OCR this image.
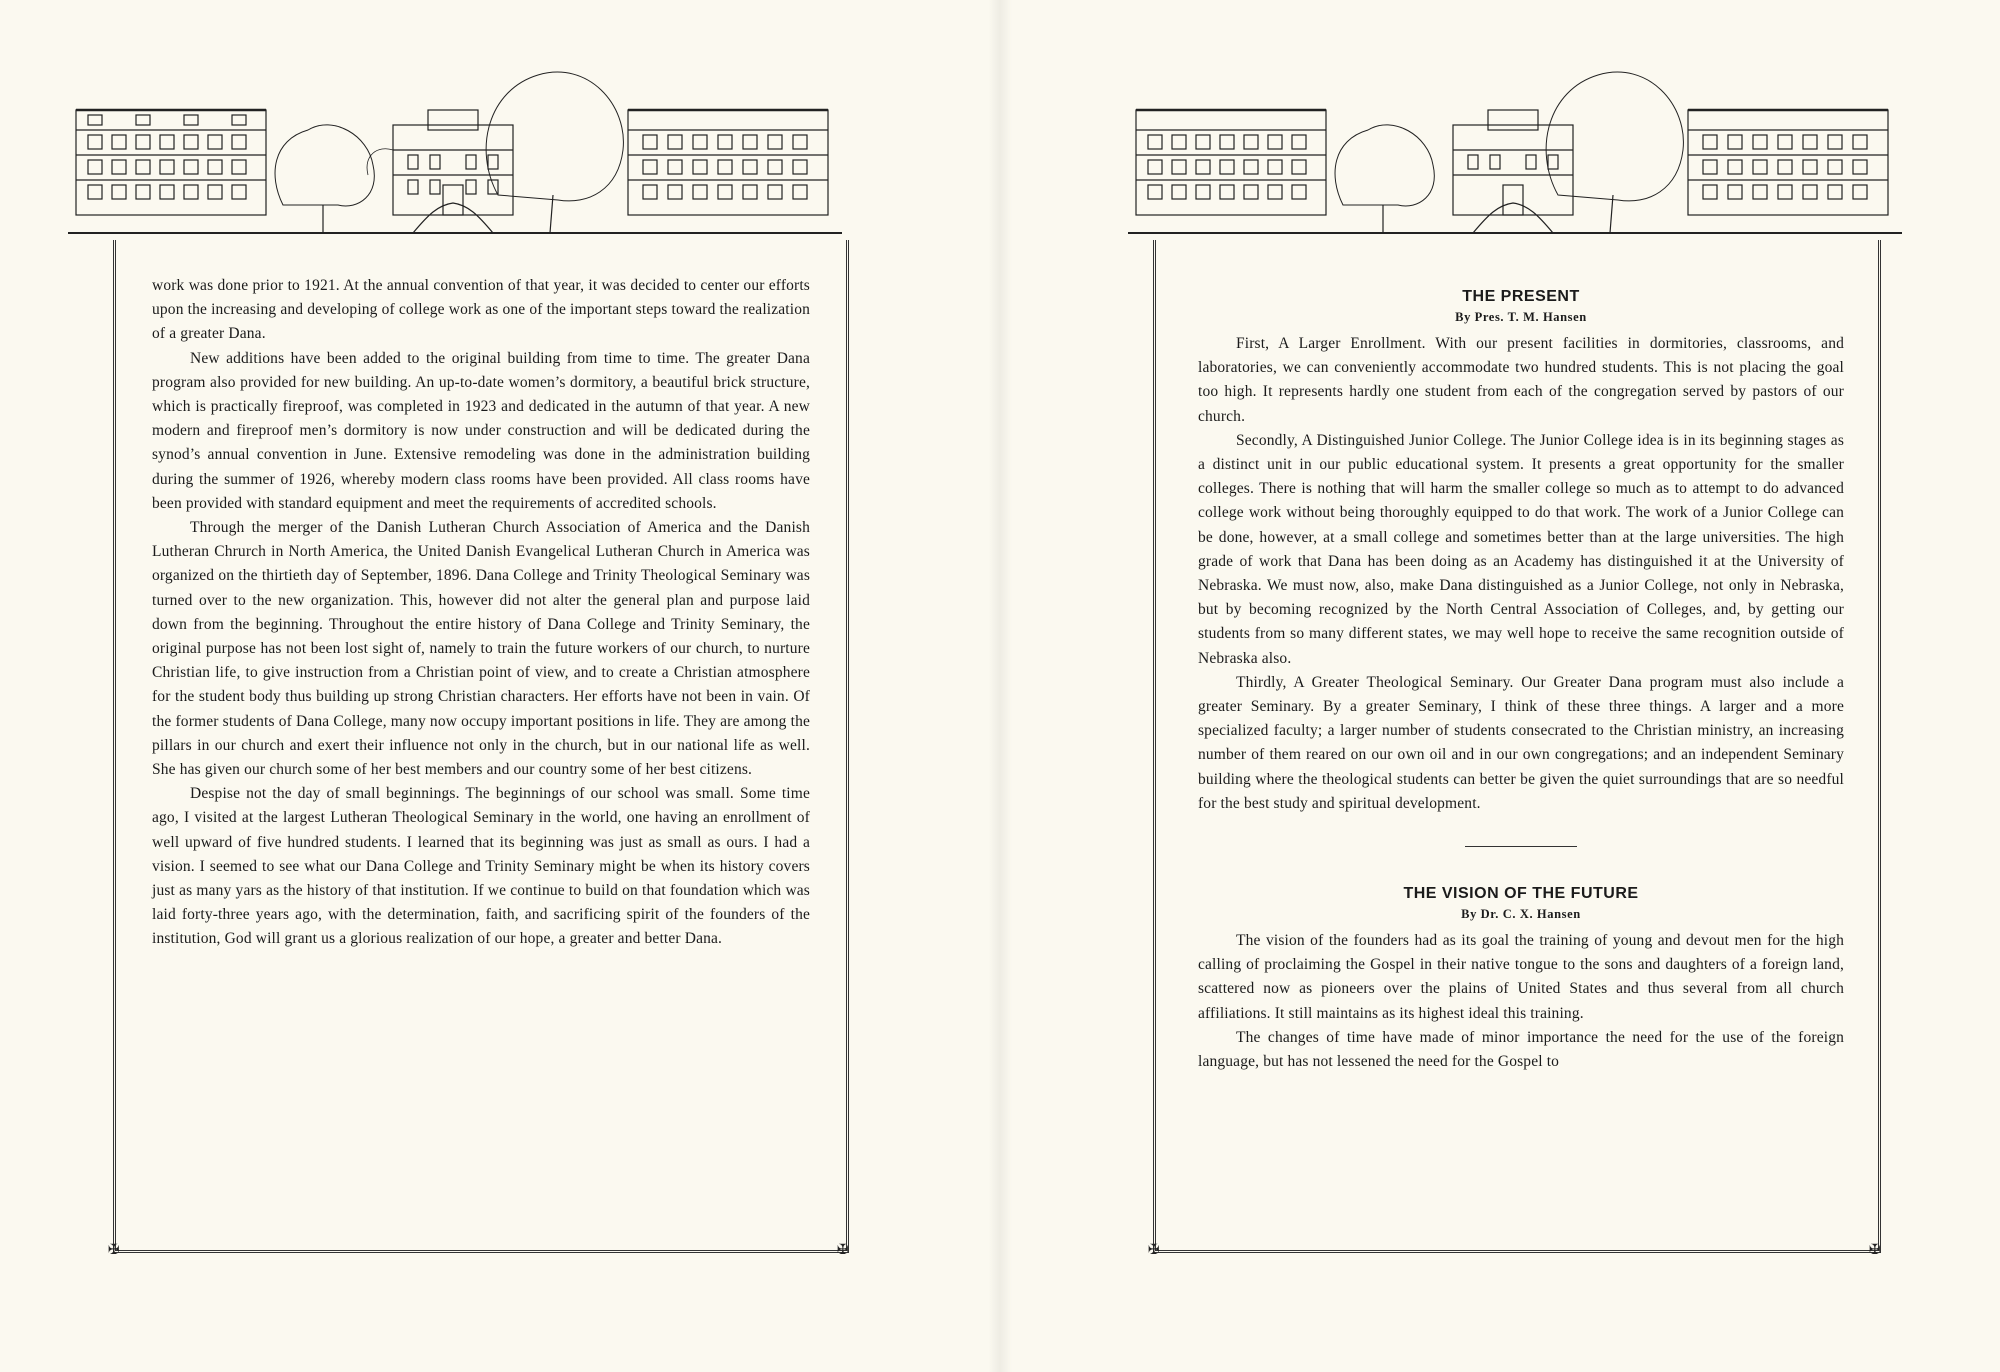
✠	✠

work was done prior to 1921. At the annual convention of that year, it was decided to center our efforts upon the increasing and developing of college work as one of the important steps toward the realization of a greater Dana.

New additions have been added to the original building from time to time. The greater Dana program also provided for new building. An up-to-date women’s dormitory, a beautiful brick structure, which is practically fireproof, was completed in 1923 and dedicated in the autumn of that year. A new modern and fireproof men’s dormitory is now under construction and will be dedicated during the synod’s annual convention in June. Extensive remodeling was done in the administration building during the summer of 1926, whereby modern class rooms have been provided. All class rooms have been provided with standard equipment and meet the requirements of accredited schools.

Through the merger of the Danish Lutheran Church Association of America and the Danish Lutheran Chrurch in North America, the United Danish Evangelical Lutheran Church in America was organized on the thirtieth day of September, 1896. Dana College and Trinity Theological Seminary was turned over to the new organization. This, however did not alter the general plan and purpose laid down from the beginning. Throughout the entire history of Dana College and Trinity Seminary, the original purpose has not been lost sight of, namely to train the future workers of our church, to nurture Christian life, to give instruction from a Christian point of view, and to create a Christian atmosphere for the student body thus building up strong Christian characters. Her efforts have not been in vain. Of the former students of Dana College, many now occupy important positions in life. They are among the pillars in our church and exert their influence not only in the church, but in our national life as well. She has given our church some of her best members and our country some of her best citizens.

Despise not the day of small beginnings. The beginnings of our school was small. Some time ago, I visited at the largest Lutheran Theological Seminary in the world, one having an enrollment of well upward of five hundred students. I learned that its beginning was just as small as ours. I had a vision. I seemed to see what our Dana College and Trinity Seminary might be when its history covers just as many yars as the history of that institution. If we continue to build on that foundation which was laid forty-three years ago, with the determination, faith, and sacrificing spirit of the founders of the institution, God will grant us a glorious realization of our hope, a greater and better Dana.

✠	✠
THE PRESENT
By Pres. T. M. Hansen

First, A Larger Enrollment. With our present facilities in dormitories, classrooms, and laboratories, we can conveniently accommodate two hundred students. This is not placing the goal too high. It represents hardly one student from each of the congregation served by pastors of our church.

Secondly, A Distinguished Junior College. The Junior College idea is in its beginning stages as a distinct unit in our public educational system. It presents a great opportunity for the smaller colleges. There is nothing that will harm the smaller college so much as to attempt to do advanced college work without being thoroughly equipped to do that work. The work of a Junior College can be done, however, at a small college and sometimes better than at the large universities. The high grade of work that Dana has been doing as an Academy has distinguished it at the University of Nebraska. We must now, also, make Dana distinguished as a Junior College, not only in Nebraska, but by becoming recognized by the North Central Association of Colleges, and, by getting our students from so many different states, we may well hope to receive the same recognition outside of Nebraska also.

Thirdly, A Greater Theological Seminary. Our Greater Dana program must also include a greater Seminary. By a greater Seminary, I think of these three things. A larger and a more specialized faculty; a larger number of students consecrated to the Christian ministry, an increasing number of them reared on our own oil and in our own congregations; and an independent Seminary building where the theological students can better be given the quiet surroundings that are so needful for the best study and spiritual development.

THE VISION OF THE FUTURE
By Dr. C. X. Hansen

The vision of the founders had as its goal the training of young and devout men for the high calling of proclaiming the Gospel in their native tongue to the sons and daughters of a foreign land, scattered now as pioneers over the plains of United States and thus several from all church affiliations. It still maintains as its highest ideal this training.

The changes of time have made of minor importance the need for the use of the foreign language, but has not lessened the need for the Gospel to
